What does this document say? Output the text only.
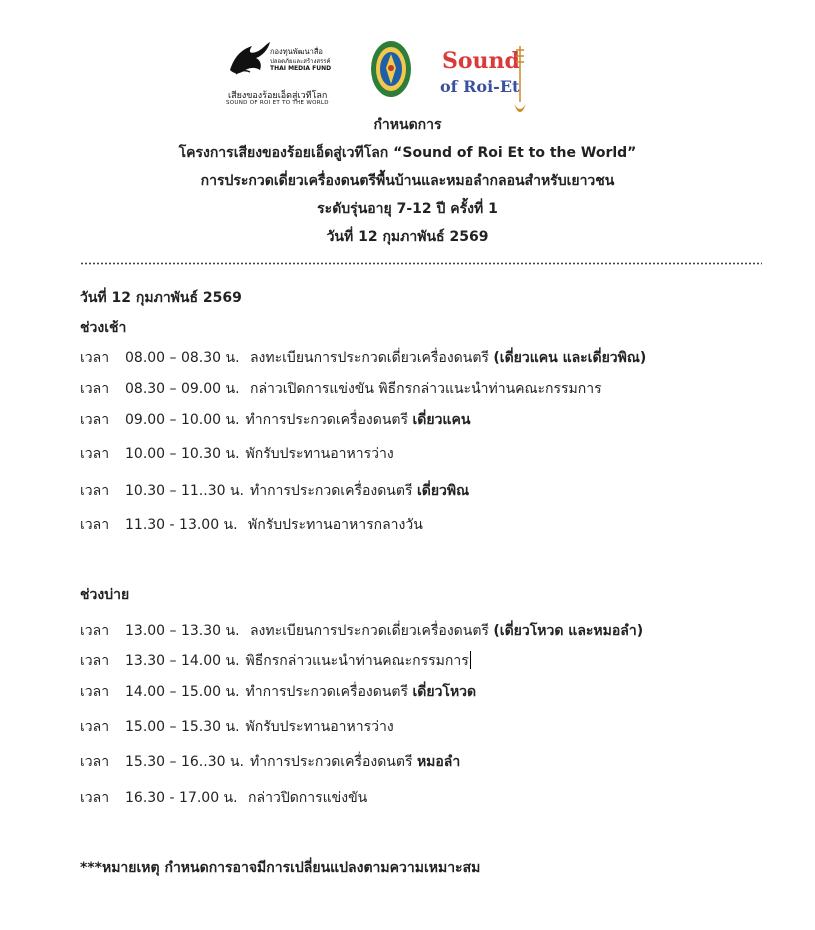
กองทุนพัฒนาสื่อ
ปลอดภัยและสร้างสรรค์
THAI MEDIA FUND
เสียงของร้อยเอ็ดสู่เวทีโลก
SOUND OF ROI ET TO THE WORLD
Sound
of Roi-Et
กำหนดการ
โครงการเสียงของร้อยเอ็ดสู่เวทีโลก “Sound of Roi Et to the World”
การประกวดเดี่ยวเครื่องดนตรีพื้นบ้านและหมอลำกลอนสำหรับเยาวชน
ระดับรุ่นอายุ 7-12 ปี ครั้งที่ 1
วันที่ 12 กุมภาพันธ์ 2569
วันที่ 12 กุมภาพันธ์ 2569
ช่วงเช้า
เวลา 08.00 – 08.30 น. ลงทะเบียนการประกวดเดี่ยวเครื่องดนตรี (เดี่ยวแคน และเดี่ยวพิณ)
เวลา 08.30 – 09.00 น. กล่าวเปิดการแข่งขัน พิธีกรกล่าวแนะนำท่านคณะกรรมการ
เวลา 09.00 – 10.00 น. ทำการประกวดเครื่องดนตรี เดี่ยวแคน
เวลา 10.00 – 10.30 น. พักรับประทานอาหารว่าง
เวลา 10.30 – 11..30 น. ทำการประกวดเครื่องดนตรี เดี่ยวพิณ
เวลา 11.30 - 13.00 น. พักรับประทานอาหารกลางวัน
ช่วงบ่าย
เวลา 13.00 – 13.30 น. ลงทะเบียนการประกวดเดี่ยวเครื่องดนตรี (เดี่ยวโหวด และหมอลำ)
เวลา 13.30 – 14.00 น. พิธีกรกล่าวแนะนำท่านคณะกรรมการ
เวลา 14.00 – 15.00 น. ทำการประกวดเครื่องดนตรี เดี่ยวโหวด
เวลา 15.00 – 15.30 น. พักรับประทานอาหารว่าง
เวลา 15.30 – 16..30 น. ทำการประกวดเครื่องดนตรี หมอลำ
เวลา 16.30 - 17.00 น. กล่าวปิดการแข่งขัน
***หมายเหตุ กำหนดการอาจมีการเปลี่ยนแปลงตามความเหมาะสม
